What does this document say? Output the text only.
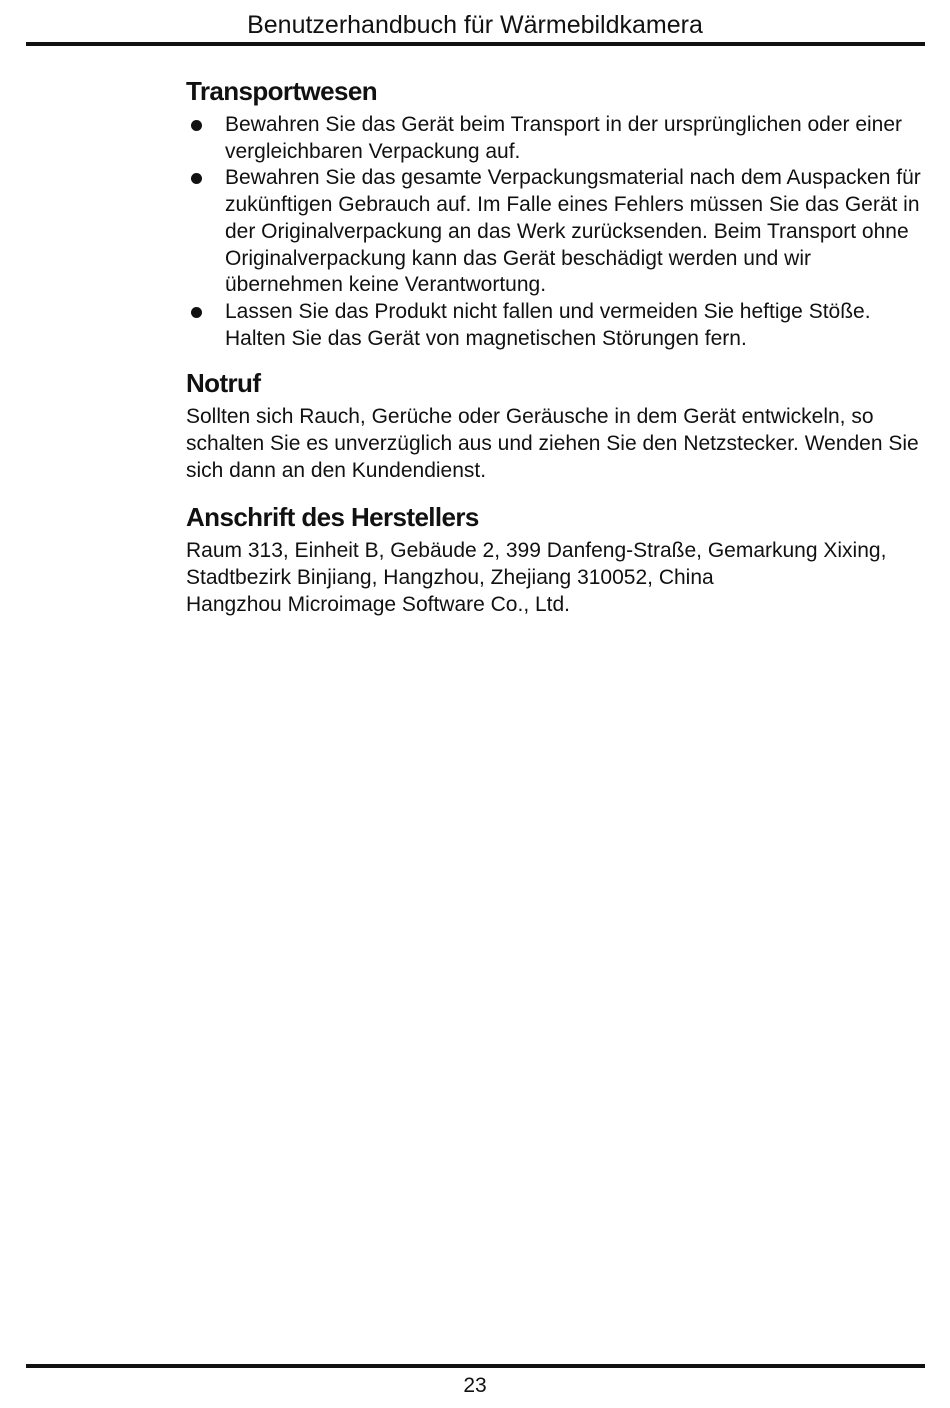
Benutzerhandbuch für Wärmebildkamera
Transportwesen
Bewahren Sie das Gerät beim Transport in der ursprünglichen oder einer vergleichbaren Verpackung auf.
Bewahren Sie das gesamte Verpackungsmaterial nach dem Auspacken für zukünftigen Gebrauch auf. Im Falle eines Fehlers müssen Sie das Gerät in der Originalverpackung an das Werk zurücksenden. Beim Transport ohne Originalverpackung kann das Gerät beschädigt werden und wir übernehmen keine Verantwortung.
Lassen Sie das Produkt nicht fallen und vermeiden Sie heftige Stöße. Halten Sie das Gerät von magnetischen Störungen fern.
Notruf

Sollten sich Rauch, Gerüche oder Geräusche in dem Gerät entwickeln, so schalten Sie es unverzüglich aus und ziehen Sie den Netzstecker. Wenden Sie sich dann an den Kundendienst.

Anschrift des Herstellers

Raum 313, Einheit B, Gebäude 2, 399 Danfeng-Straße, Gemarkung Xixing,
Stadtbezirk Binjiang, Hangzhou, Zhejiang 310052, China
Hangzhou Microimage Software Co., Ltd.

23
